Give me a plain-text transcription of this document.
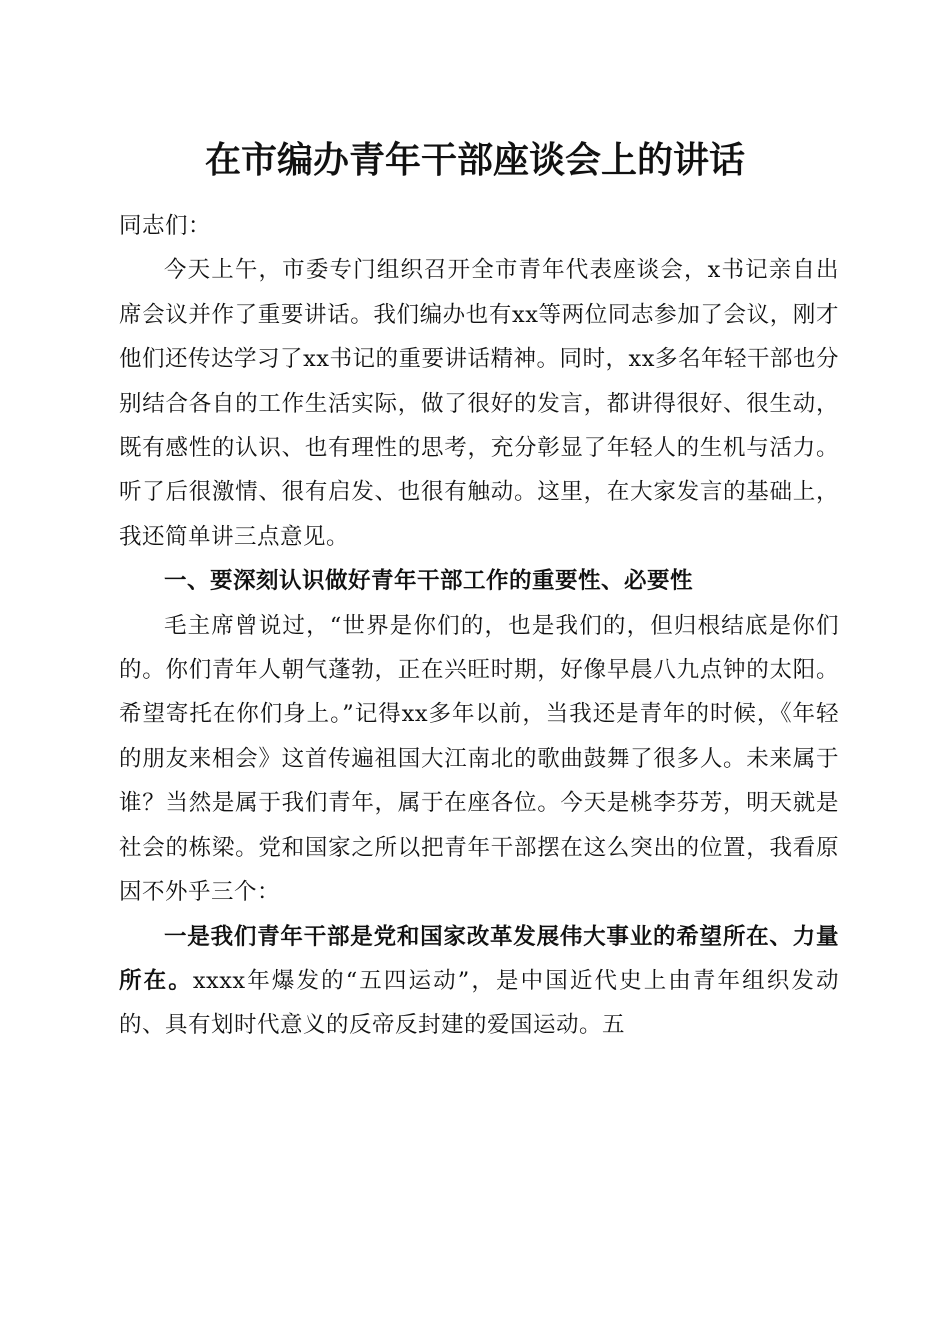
在市编办青年干部座谈会上的讲话

同志们：

今天上午，市委专门组织召开全市青年代表座谈会，x书记亲自出席会议并作了重要讲话。我们编办也有xx等两位同志参加了会议，刚才他们还传达学习了xx书记的重要讲话精神。同时，xx多名年轻干部也分别结合各自的工作生活实际，做了很好的发言，都讲得很好、很生动，既有感性的认识、也有理性的思考，充分彰显了年轻人的生机与活力。听了后很激情、很有启发、也很有触动。这里，在大家发言的基础上，我还简单讲三点意见。

一、要深刻认识做好青年干部工作的重要性、必要性

毛主席曾说过，“世界是你们的，也是我们的，但归根结底是你们的。你们青年人朝气蓬勃，正在兴旺时期，好像早晨八九点钟的太阳。希望寄托在你们身上。”记得xx多年以前，当我还是青年的时候，《年轻的朋友来相会》这首传遍祖国大江南北的歌曲鼓舞了很多人。未来属于谁？当然是属于我们青年，属于在座各位。今天是桃李芬芳，明天就是社会的栋梁。党和国家之所以把青年干部摆在这么突出的位置，我看原因不外乎三个：

一是我们青年干部是党和国家改革发展伟大事业的希望所在、力量所在。xxxx年爆发的“五四运动”，是中国近代史上由青年组织发动的、具有划时代意义的反帝反封建的爱国运动。五
